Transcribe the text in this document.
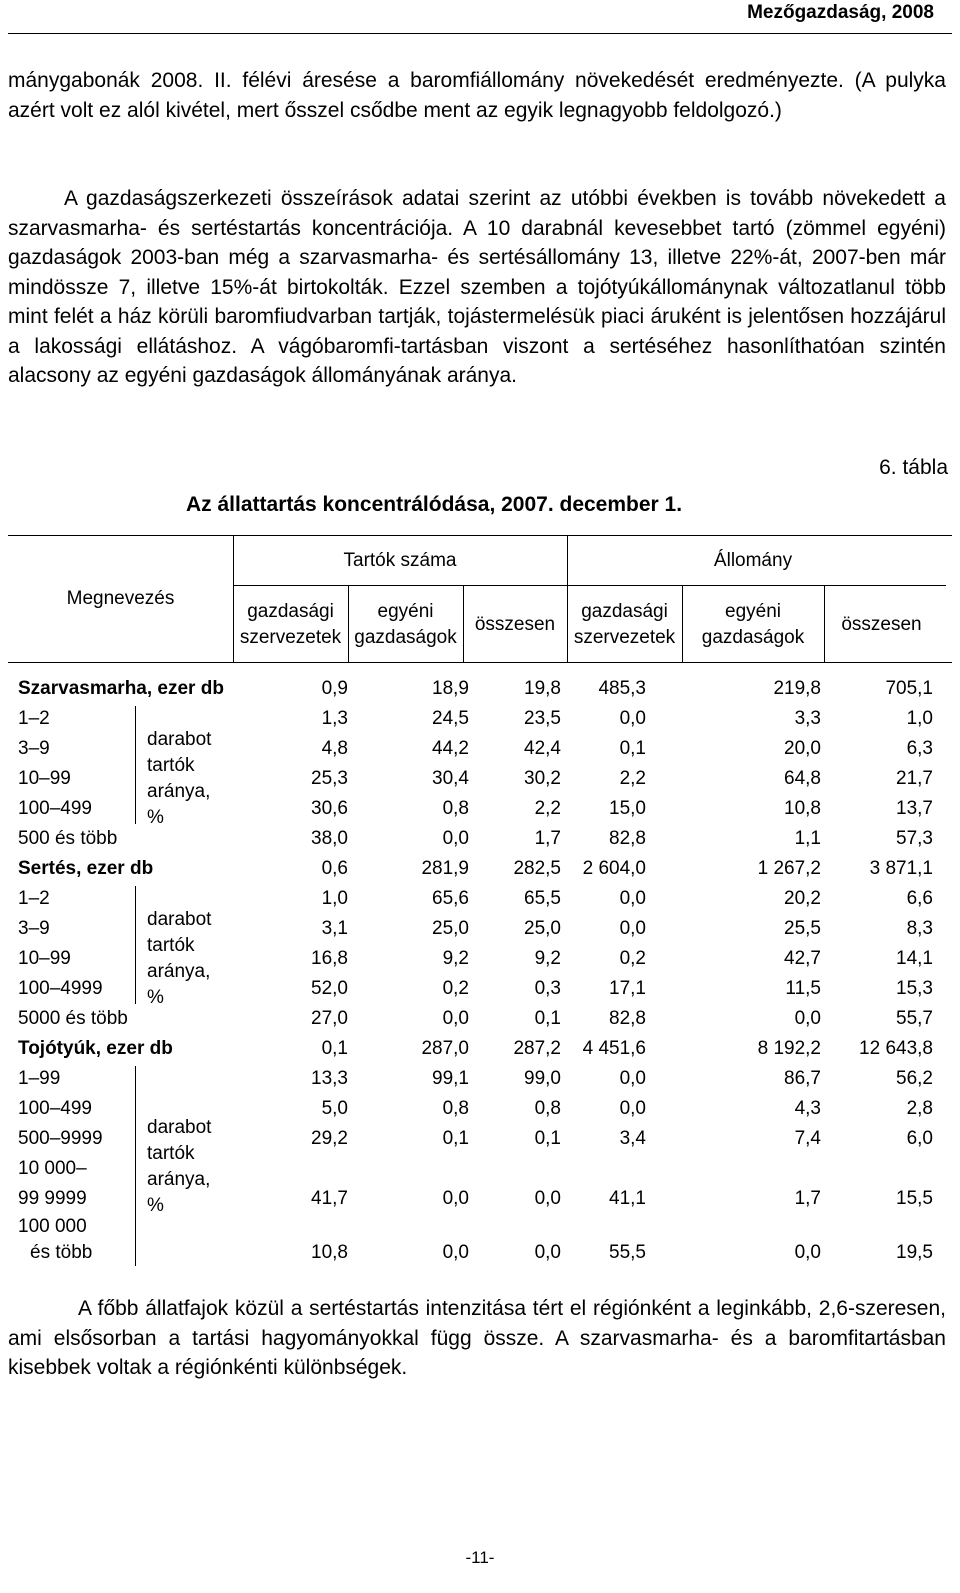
Mezőgazdaság, 2008
mánygabonák 2008. II. félévi áresése a baromfiállomány növekedését eredményezte. (A pulyka azért volt ez alól kivétel, mert ősszel csődbe ment az egyik legnagyobb feldolgozó.)
A gazdaságszerkezeti összeírások adatai szerint az utóbbi években is tovább növekedett a szarvasmarha- és sertéstartás koncentrációja. A 10 darabnál kevesebbet tartó (zömmel egyéni) gazdaságok 2003-ban még a szarvasmarha- és sertésállomány 13, illetve 22%-át, 2007-ben már mindössze 7, illetve 15%-át birtokolták. Ezzel szemben a tojótyúkállománynak változatlanul több mint felét a ház körüli baromfiudvarban tartják, tojástermelésük piaci áruként is jelentősen hozzájárul a lakossági ellátáshoz. A vágóbaromfi-tartásban viszont a sertéséhez hasonlíthatóan szintén alacsony az egyéni gazdaságok állományának aránya.
6. tábla
Az állattartás koncentrálódása, 2007. december 1.
Megnevezés
Tartók száma	Állomány
gazdasági
szervezetek
egyéni
gazdaságok
összesen
gazdasági
szervezetek
egyéni
gazdaságok
összesen
Szarvasmarha, ezer db	0,9	18,9	19,8	485,3	219,8	705,1
1–2	1,3	24,5	23,5	0,0	3,3	1,0
3–9	4,8	44,2	42,4	0,1	20,0	6,3
10–99	25,3	30,4	30,2	2,2	64,8	21,7
100–499	30,6	0,8	2,2	15,0	10,8	13,7
500 és több	38,0	0,0	1,7	82,8	1,1	57,3
darabot
tartók
aránya,
%
Sertés, ezer db	0,6	281,9	282,5	2 604,0	1 267,2	3 871,1
1–2	1,0	65,6	65,5	0,0	20,2	6,6
3–9	3,1	25,0	25,0	0,0	25,5	8,3
10–99	16,8	9,2	9,2	0,2	42,7	14,1
100–4999	52,0	0,2	0,3	17,1	11,5	15,3
5000 és több	27,0	0,0	0,1	82,8	0,0	55,7
darabot
tartók
aránya,
%
Tojótyúk, ezer db	0,1	287,0	287,2	4 451,6	8 192,2	12 643,8
1–99	13,3	99,1	99,0	0,0	86,7	56,2
100–499	5,0	0,8	0,8	0,0	4,3	2,8
500–9999	29,2	0,1	0,1	3,4	7,4	6,0
10 000–
99 9999	41,7	0,0	0,0	41,1	1,7	15,5
100 000
és több	10,8	0,0	0,0	55,5	0,0	19,5
darabot
tartók
aránya,
%
A főbb állatfajok közül a sertéstartás intenzitása tért el régiónként a leginkább, 2,6-szeresen, ami elsősorban a tartási hagyományokkal függ össze. A szarvasmarha- és a baromfitartásban kisebbek voltak a régiónkénti különbségek.
-11-
